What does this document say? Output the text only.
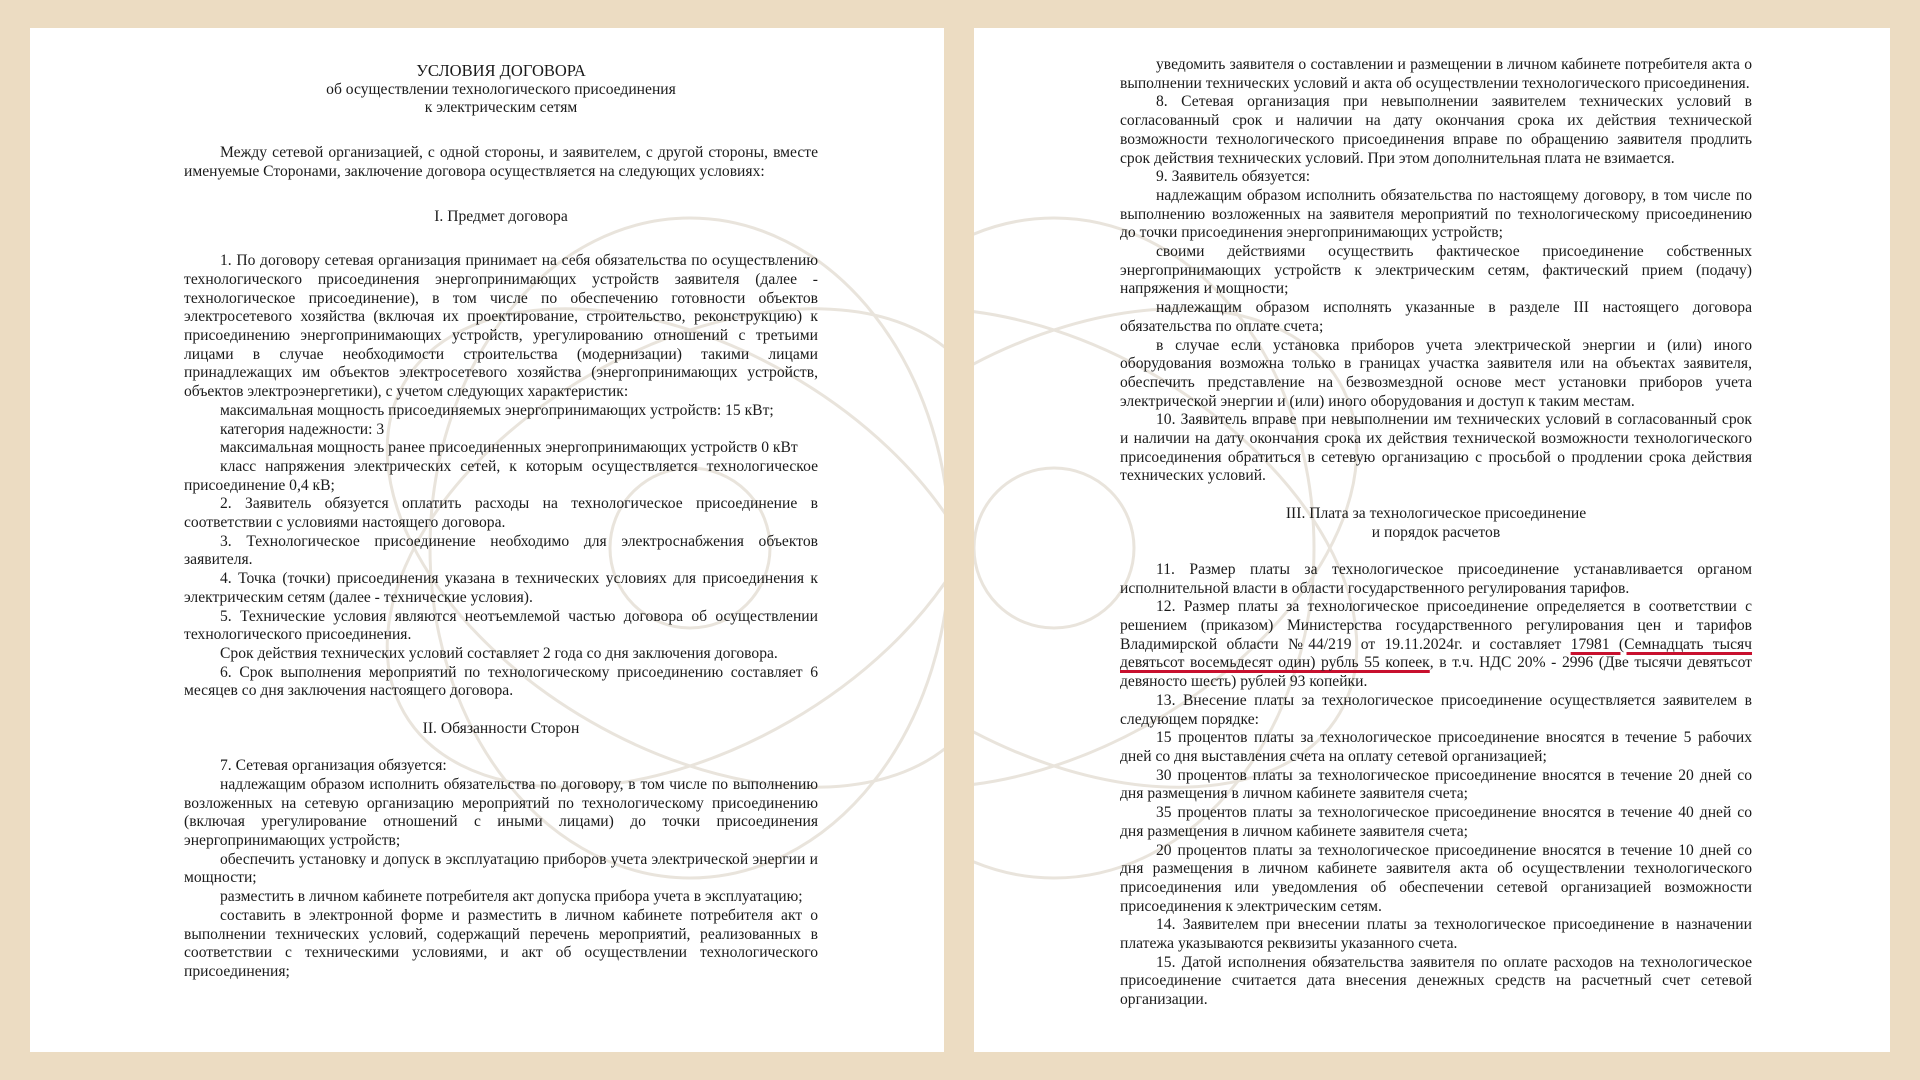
УСЛОВИЯ ДОГОВОРА
об осуществлении технологического присоединения
к электрическим сетям

Между сетевой организацией, с одной стороны, и заявителем, с другой стороны, вместе именуемые Сторонами, заключение договора осуществляется на следующих условиях:

I. Предмет договора

1. По договору сетевая организация принимает на себя обязательства по осуществлению технологического присоединения энергопринимающих устройств заявителя (далее - технологическое присоединение), в том числе по обеспечению готовности объектов электросетевого хозяйства (включая их проектирование, строительство, реконструкцию) к присоединению энергопринимающих устройств, урегулированию отношений с третьими лицами в случае необходимости строительства (модернизации) такими лицами принадлежащих им объектов электросетевого хозяйства (энергопринимающих устройств, объектов электроэнергетики), с учетом следующих характеристик:

максимальная мощность присоединяемых энергопринимающих устройств: 15 кВт;

категория надежности: 3

максимальная мощность ранее присоединенных энергопринимающих устройств 0 кВт

класс напряжения электрических сетей, к которым осуществляется технологическое присоединение 0,4 кВ;

2. Заявитель обязуется оплатить расходы на технологическое присоединение в соответствии с условиями настоящего договора.

3. Технологическое присоединение необходимо для электроснабжения объектов заявителя.

4. Точка (точки) присоединения указана в технических условиях для присоединения к электрическим сетям (далее - технические условия).

5. Технические условия являются неотъемлемой частью договора об осуществлении технологического присоединения.

Срок действия технических условий составляет 2 года со дня заключения договора.

6. Срок выполнения мероприятий по технологическому присоединению составляет 6 месяцев со дня заключения настоящего договора.

II. Обязанности Сторон

7. Сетевая организация обязуется:

надлежащим образом исполнить обязательства по договору, в том числе по выполнению возложенных на сетевую организацию мероприятий по технологическому присоединению (включая урегулирование отношений с иными лицами) до точки присоединения энергопринимающих устройств;

обеспечить установку и допуск в эксплуатацию приборов учета электрической энергии и мощности;

разместить в личном кабинете потребителя акт допуска прибора учета в эксплуатацию;

составить в электронной форме и разместить в личном кабинете потребителя акт о выполнении технических условий, содержащий перечень мероприятий, реализованных в соответствии с техническими условиями, и акт об осуществлении технологического присоединения;

уведомить заявителя о составлении и размещении в личном кабинете потребителя акта о выполнении технических условий и акта об осуществлении технологического присоединения.

8. Сетевая организация при невыполнении заявителем технических условий в согласованный срок и наличии на дату окончания срока их действия технической возможности технологического присоединения вправе по обращению заявителя продлить срок действия технических условий. При этом дополнительная плата не взимается.

9. Заявитель обязуется:

надлежащим образом исполнить обязательства по настоящему договору, в том числе по выполнению возложенных на заявителя мероприятий по технологическому присоединению до точки присоединения энергопринимающих устройств;

своими действиями осуществить фактическое присоединение собственных энергопринимающих устройств к электрическим сетям, фактический прием (подачу) напряжения и мощности;

надлежащим образом исполнять указанные в разделе III настоящего договора обязательства по оплате счета;

в случае если установка приборов учета электрической энергии и (или) иного оборудования возможна только в границах участка заявителя или на объектах заявителя, обеспечить представление на безвозмездной основе мест установки приборов учета электрической энергии и (или) иного оборудования и доступ к таким местам.

10. Заявитель вправе при невыполнении им технических условий в согласованный срок и наличии на дату окончания срока их действия технической возможности технологического присоединения обратиться в сетевую организацию с просьбой о продлении срока действия технических условий.

III. Плата за технологическое присоединение
и порядок расчетов

11. Размер платы за технологическое присоединение устанавливается органом исполнительной власти в области государственного регулирования тарифов.

12. Размер платы за технологическое присоединение определяется в соответствии с решением (приказом) Министерства государственного регулирования цен и тарифов Владимирской области №44/219 от 19.11.2024г. и составляет 17981 (Семнадцать тысяч девятьсот восемьдесят один) рубль 55 копеек, в т.ч. НДС 20% - 2996 (Две тысячи девятьсот девяносто шесть) рублей 93 копейки.

13. Внесение платы за технологическое присоединение осуществляется заявителем в следующем порядке:

15 процентов платы за технологическое присоединение вносятся в течение 5 рабочих дней со дня выставления счета на оплату сетевой организацией;

30 процентов платы за технологическое присоединение вносятся в течение 20 дней со дня размещения в личном кабинете заявителя счета;

35 процентов платы за технологическое присоединение вносятся в течение 40 дней со дня размещения в личном кабинете заявителя счета;

20 процентов платы за технологическое присоединение вносятся в течение 10 дней со дня размещения в личном кабинете заявителя акта об осуществлении технологического присоединения или уведомления об обеспечении сетевой организацией возможности присоединения к электрическим сетям.

14. Заявителем при внесении платы за технологическое присоединение в назначении платежа указываются реквизиты указанного счета.

15. Датой исполнения обязательства заявителя по оплате расходов на технологическое присоединение считается дата внесения денежных средств на расчетный счет сетевой организации.
